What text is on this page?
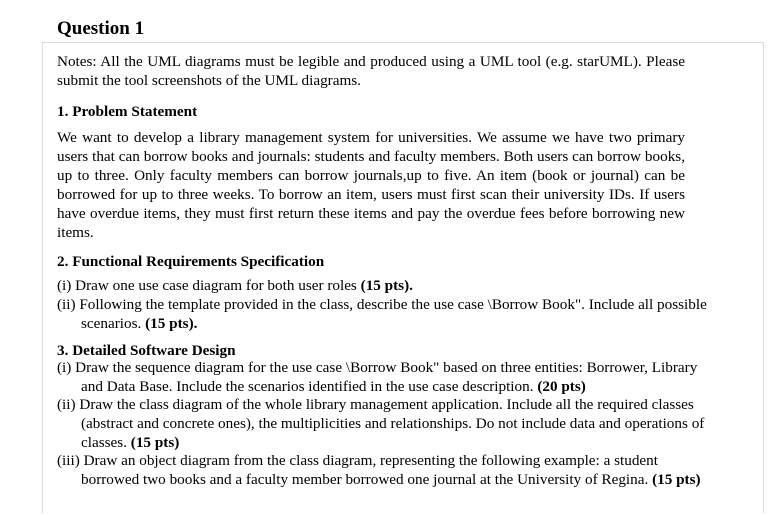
Question 1

Notes: All the UML diagrams must be legible and produced using a UML tool (e.g. starUML). Please submit the tool screenshots of the UML diagrams.

1. Problem Statement

We want to develop a library management system for universities. We assume we have two primary users that can borrow books and journals: students and faculty members. Both users can borrow books, up to three. Only faculty members can borrow journals,up to five. An item (book or journal) can be borrowed for up to three weeks. To borrow an item, users must first scan their university IDs. If users have overdue items, they must first return these items and pay the overdue fees before borrowing new items.

2. Functional Requirements Specification

(i) Draw one use case diagram for both user roles (15 pts).

(ii) Following the template provided in the class, describe the use case \Borrow Book". Include all possible scenarios. (15 pts).

3. Detailed Software Design

(i) Draw the sequence diagram for the use case \Borrow Book" based on three entities: Borrower, Library and Data Base. Include the scenarios identified in the use case description. (20 pts)

(ii) Draw the class diagram of the whole library management application. Include all the required classes (abstract and concrete ones), the multiplicities and relationships. Do not include data and operations of classes. (15 pts)

(iii) Draw an object diagram from the class diagram, representing the following example: a student borrowed two books and a faculty member borrowed one journal at the University of Regina. (15 pts)
